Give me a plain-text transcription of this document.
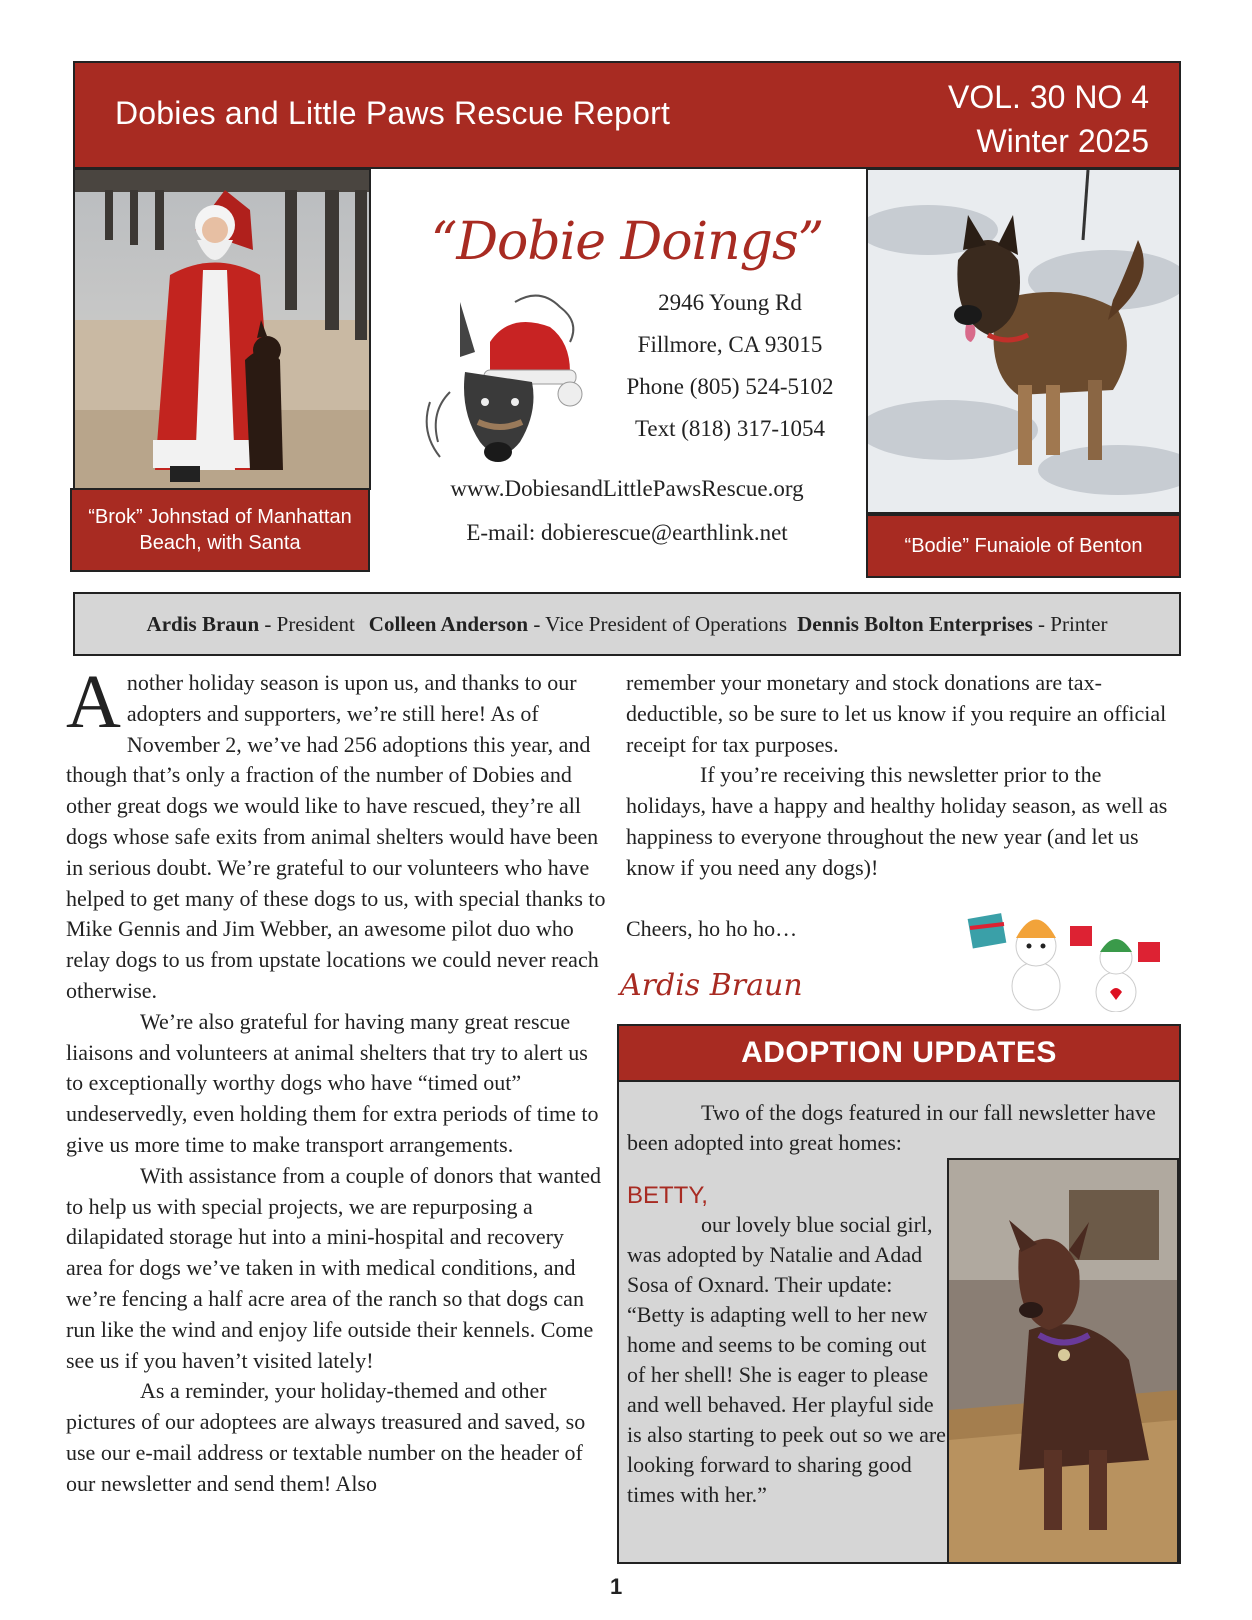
Dobies and Little Paws Rescue Report	VOL. 30 NO 4
Winter 2025
“Brok” Johnstad of Manhattan Beach, with Santa
“Dobie Doings”
2946 Young Rd
Fillmore, CA 93015
Phone (805) 524-5102
Text (818) 317-1054
www.DobiesandLittlePawsRescue.org
E-mail: dobierescue@earthlink.net
“Bodie” Funaiole of Benton
Ardis Braun - President Colleen Anderson - Vice President of Operations Dennis Bolton Enterprises - Printer

Another holiday season is upon us, and thanks to our adopters and supporters, we’re still here! As of November 2, we’ve had 256 adoptions this year, and though that’s only a fraction of the number of Dobies and other great dogs we would like to have rescued, they’re all dogs whose safe exits from animal shelters would have been in serious doubt. We’re grateful to our volunteers who have helped to get many of these dogs to us, with special thanks to Mike Gennis and Jim Webber, an awesome pilot duo who relay dogs to us from upstate locations we could never reach otherwise.

We’re also grateful for having many great rescue liaisons and volunteers at animal shelters that try to alert us to exceptionally worthy dogs who have “timed out” undeservedly, even holding them for extra periods of time to give us more time to make transport arrangements.

With assistance from a couple of donors that wanted to help us with special projects, we are repurposing a dilapidated storage hut into a mini-hospital and recovery area for dogs we’ve taken in with medical conditions, and we’re fencing a half acre area of the ranch so that dogs can run like the wind and enjoy life outside their kennels. Come see us if you haven’t visited lately!

As a reminder, your holiday-themed and other pictures of our adoptees are always treasured and saved, so use our e-mail address or textable number on the header of our newsletter and send them! Also

remember your monetary and stock donations are tax-deductible, so be sure to let us know if you require an official receipt for tax purposes.

If you’re receiving this newsletter prior to the holidays, have a happy and healthy holiday season, as well as happiness to everyone throughout the new year (and let us know if you need any dogs)!

Cheers, ho ho ho…

Ardis Braun
ADOPTION UPDATES
Two of the dogs featured in our fall newsletter have been adopted into great homes:
BETTY,
our lovely blue social girl, was adopted by Natalie and Adad Sosa of Oxnard. Their update: “Betty is adapting well to her new home and seems to be coming out of her shell! She is eager to please and well behaved. Her playful side is also starting to peek out so we are looking forward to sharing good times with her.”
1
